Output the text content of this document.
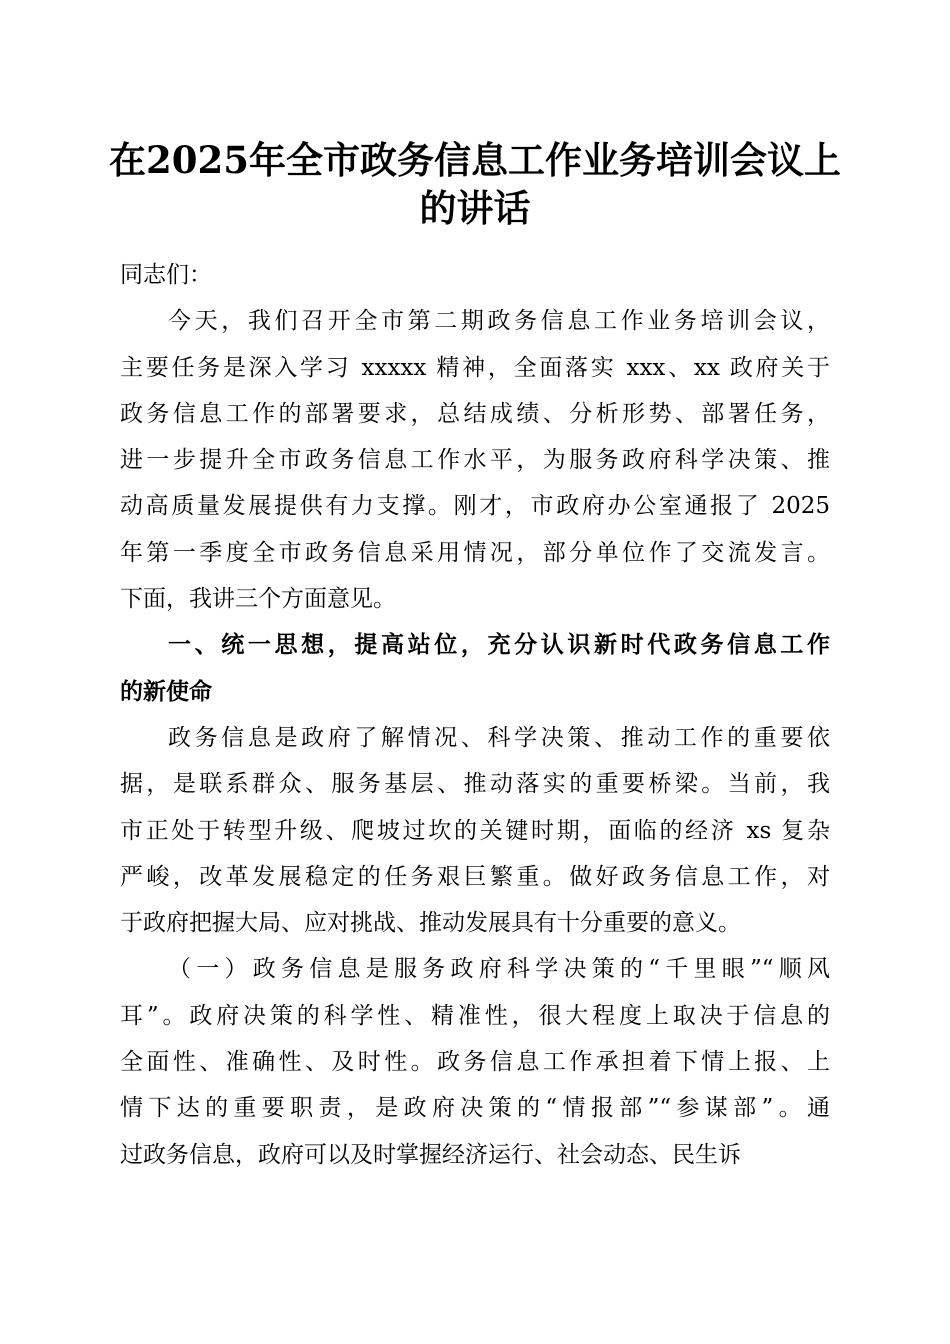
在2025年全市政务信息工作业务培训会议上
的讲话
同志们：
今天，我们召开全市第二期政务信息工作业务培训会议，
主要任务是深入学习 xxxxx 精神，全面落实 xxx、xx 政府关于
政务信息工作的部署要求，总结成绩、分析形势、部署任务，
进一步提升全市政务信息工作水平，为服务政府科学决策、推
动高质量发展提供有力支撑。刚才，市政府办公室通报了 2025
年第一季度全市政务信息采用情况，部分单位作了交流发言。
下面，我讲三个方面意见。
一、统一思想，提高站位，充分认识新时代政务信息工作
的新使命
政务信息是政府了解情况、科学决策、推动工作的重要依
据，是联系群众、服务基层、推动落实的重要桥梁。当前，我
市正处于转型升级、爬坡过坎的关键时期，面临的经济 xs 复杂
严峻，改革发展稳定的任务艰巨繁重。做好政务信息工作，对
于政府把握大局、应对挑战、推动发展具有十分重要的意义。
（一）政务信息是服务政府科学决策的“千里眼”“顺风
耳”。政府决策的科学性、精准性，很大程度上取决于信息的
全面性、准确性、及时性。政务信息工作承担着下情上报、上
情下达的重要职责，是政府决策的“情报部”“参谋部”。通
过政务信息，政府可以及时掌握经济运行、社会动态、民生诉
